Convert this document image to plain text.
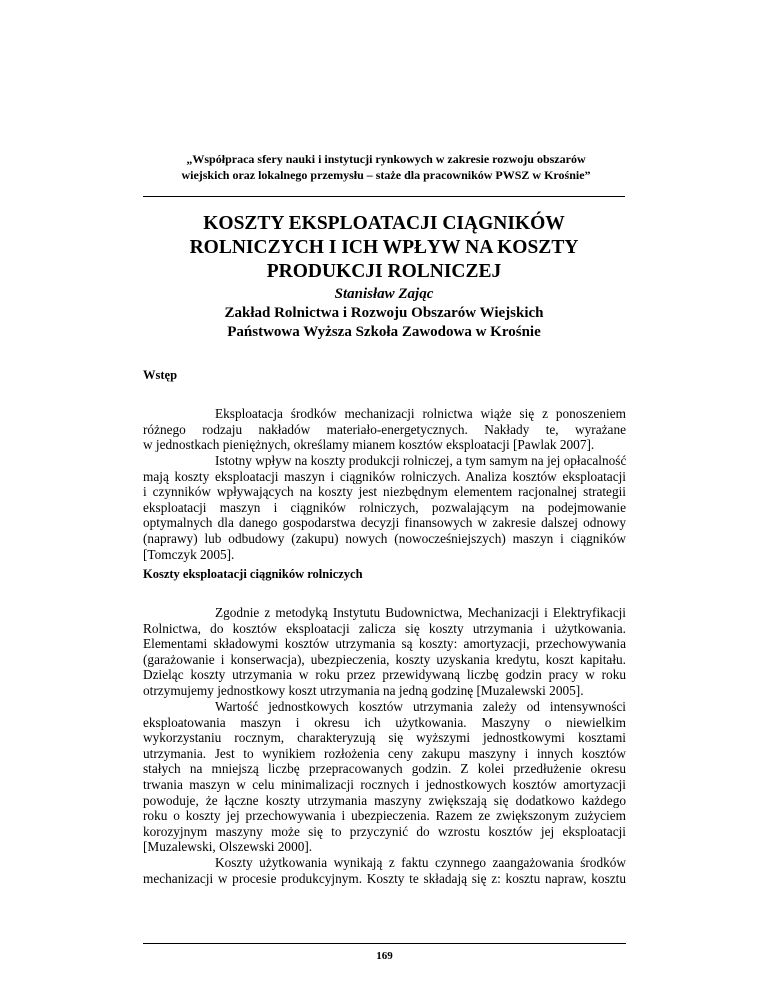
„Współpraca sfery nauki i instytucji rynkowych w zakresie rozwoju obszarów
wiejskich oraz lokalnego przemysłu – staże dla pracowników PWSZ w Krośnie”
KOSZTY EKSPLOATACJI CIĄGNIKÓW
ROLNICZYCH I ICH WPŁYW NA KOSZTY
PRODUKCJI ROLNICZEJ
Stanisław Zając
Zakład Rolnictwa i Rozwoju Obszarów Wiejskich
Państwowa Wyższa Szkoła Zawodowa w Krośnie
Wstęp
Eksploatacja środków mechanizacji rolnictwa wiąże się z ponoszeniem
różnego rodzaju nakładów materiało-energetycznych. Nakłady te, wyrażane
w jednostkach pieniężnych, określamy mianem kosztów eksploatacji [Pawlak 2007].
Istotny wpływ na koszty produkcji rolniczej, a tym samym na jej opłacalność
mają koszty eksploatacji maszyn i ciągników rolniczych. Analiza kosztów eksploatacji
i czynników wpływających na koszty jest niezbędnym elementem racjonalnej strategii
eksploatacji maszyn i ciągników rolniczych, pozwalającym na podejmowanie
optymalnych dla danego gospodarstwa decyzji finansowych w zakresie dalszej odnowy
(naprawy) lub odbudowy (zakupu) nowych (nowocześniejszych) maszyn i ciągników
[Tomczyk 2005].
Koszty eksploatacji ciągników rolniczych
Zgodnie z metodyką Instytutu Budownictwa, Mechanizacji i Elektryfikacji
Rolnictwa, do kosztów eksploatacji zalicza się koszty utrzymania i użytkowania.
Elementami składowymi kosztów utrzymania są koszty: amortyzacji, przechowywania
(garażowanie i konserwacja), ubezpieczenia, koszty uzyskania kredytu, koszt kapitału.
Dzieląc koszty utrzymania w roku przez przewidywaną liczbę godzin pracy w roku
otrzymujemy jednostkowy koszt utrzymania na jedną godzinę [Muzalewski 2005].
Wartość jednostkowych kosztów utrzymania zależy od intensywności
eksploatowania maszyn i okresu ich użytkowania. Maszyny o niewielkim
wykorzystaniu rocznym, charakteryzują się wyższymi jednostkowymi kosztami
utrzymania. Jest to wynikiem rozłożenia ceny zakupu maszyny i innych kosztów
stałych na mniejszą liczbę przepracowanych godzin. Z kolei przedłużenie okresu
trwania maszyn w celu minimalizacji rocznych i jednostkowych kosztów amortyzacji
powoduje, że łączne koszty utrzymania maszyny zwiększają się dodatkowo każdego
roku o koszty jej przechowywania i ubezpieczenia. Razem ze zwiększonym zużyciem
korozyjnym maszyny może się to przyczynić do wzrostu kosztów jej eksploatacji
[Muzalewski, Olszewski 2000].
Koszty użytkowania wynikają z faktu czynnego zaangażowania środków
mechanizacji w procesie produkcyjnym. Koszty te składają się z: kosztu napraw, kosztu
169
